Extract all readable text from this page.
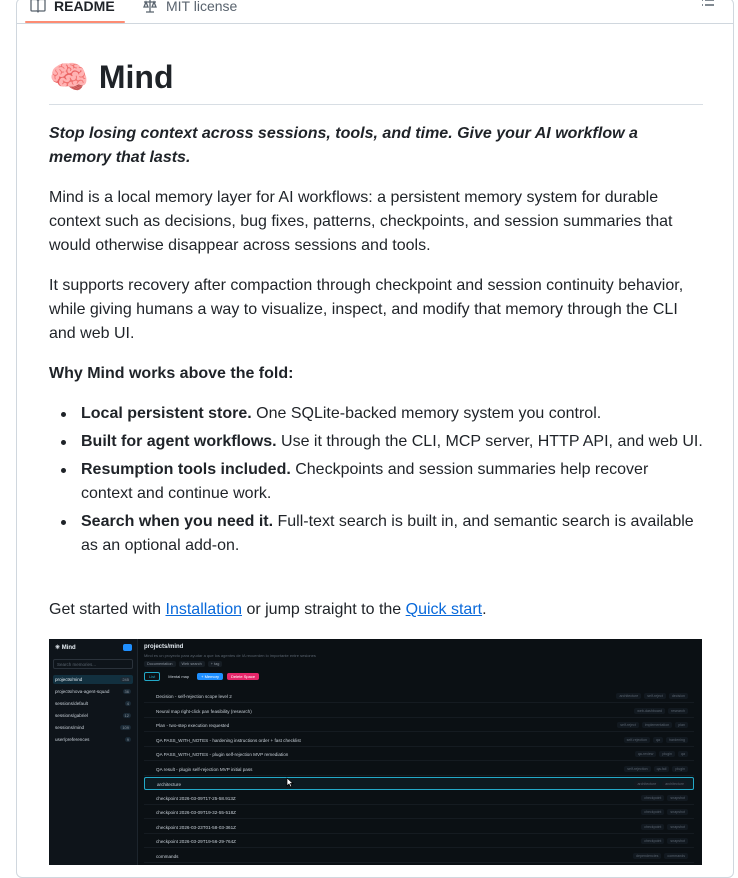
README	MIT license
🧠 Mind

Stop losing context across sessions, tools, and time. Give your AI workflow a memory that lasts.

Mind is a local memory layer for AI workflows: a persistent memory system for durable context such as decisions, bug fixes, patterns, checkpoints, and session summaries that would otherwise disappear across sessions and tools.

It supports recovery after compaction through checkpoint and session continuity behavior, while giving humans a way to visualize, inspect, and modify that memory through the CLI and web UI.

Why Mind works above the fold:

Local persistent store. One SQLite-backed memory system you control.
Built for agent workflows. Use it through the CLI, MCP server, HTTP API, and web UI.
Resumption tools included. Checkpoints and session summaries help recover context and continue work.
Search when you need it. Full-text search is built in, and semantic search is available as an optional add-on.

Get started with Installation or jump straight to the Quick start.

✳ Mind
Search memories...
projects/mind	245
projects/nova-agent-squad	36
sessions/default	4
sessions/gabriel	12
sessions/mind	109
user/preferences	9
projects/mind
Mind es un proyecto para ayudar a que los agentes de IA recuerden lo importante entre sesiones
Documentation	Web search	+ tag
List	Mental map	+ Memory	Delete Space
Decision - self-rejection scope level 2	architecture	self-reject	decision
Neural map right-click pan feasibility (research)	web-dashboard	research
Plan - two-step execution requested	self-reject	implementation	plan
QA PASS_WITH_NOTES - hardening instructions order + fast checklist	self-rejection	qa	hardening
QA PASS_WITH_NOTES - plugin self-rejection MVP remediation	qa-review	plugin	qa
QA result - plugin self-rejection MVP initial pass	self-rejection	qa-fail	plugin
architecture	architecture	architecture
checkpoint 2026-03-09T17-25-58.913Z	checkpoint	snapshot
checkpoint 2026-03-09T19-32-55-518Z	checkpoint	snapshot
checkpoint 2026-03-23T01-58-03-361Z	checkpoint	snapshot
checkpoint 2026-03-29T19-56-29-764Z	checkpoint	snapshot
commands	dependencies	commands
